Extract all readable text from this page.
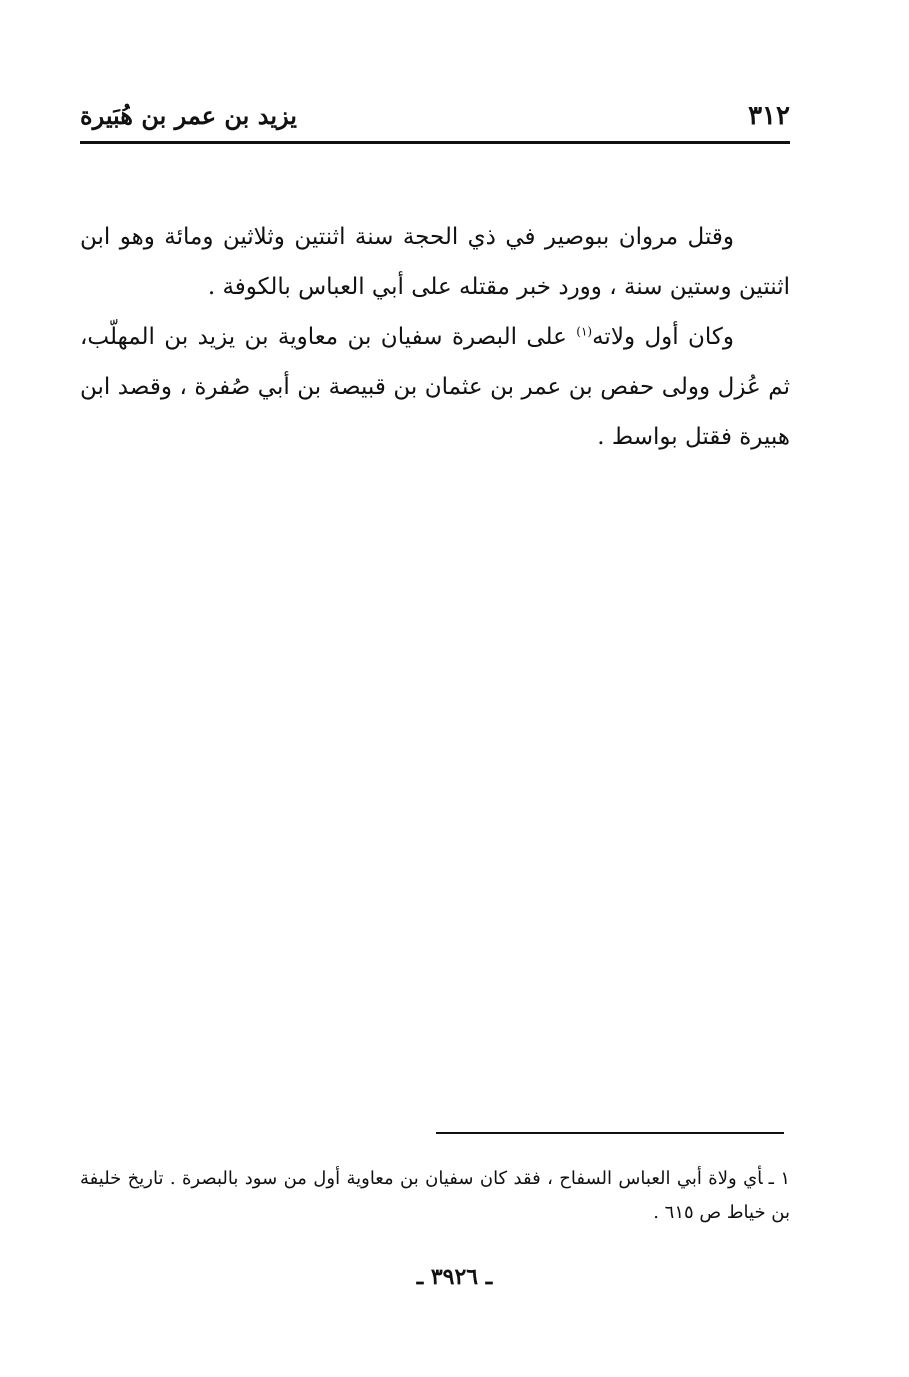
٣١٢
يزيد بن عمر بن هُبَيرة

وقتل مروان ببوصير في ذي الحجة سنة اثنتين وثلاثين ومائة وهو ابن اثنتين وستين سنة ، وورد خبر مقتله على أبي العباس بالكوفة .

وكان أول ولاته$^{(١)}$ على البصرة سفيان بن معاوية بن يزيد بن المهلّب، ثم عُزل وولى حفص بن عمر بن عثمان بن قبيصة بن أبي صُفرة ، وقصد ابن هبيرة فقتل بواسط .

١ ـأي ولاة أبي العباس السفاح ، فقد كان سفيان بن معاوية أول من سود بالبصرة . تاريخ خليفة بن خياط ص ٦١٥ .

ـ ٣٩٢٦ ـ
